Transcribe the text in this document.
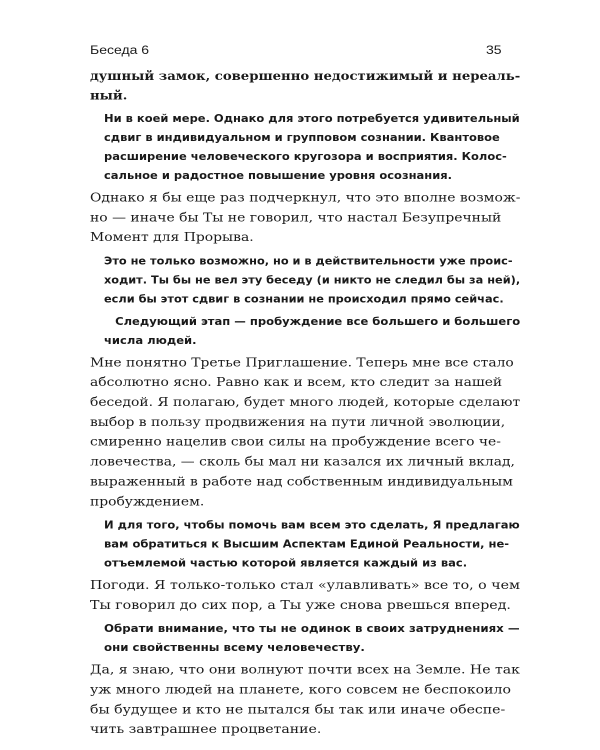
Беседа 6	35
душный замок, совершенно недостижимый и нереаль-
ный.
Ни в коей мере. Однако для этого потребуется удивительный
сдвиг в индивидуальном и групповом сознании. Квантовое
расширение человеческого кругозора и восприятия. Колос-
сальное и радостное повышение уровня осознания.
Однако я бы еще раз подчеркнул, что это вполне возмож-
но — иначе бы Ты не говорил, что настал Безупречный
Момент для Прорыва.
Это не только возможно, но и в действительности уже проис-
ходит. Ты бы не вел эту беседу (и никто не следил бы за ней),
если бы этот сдвиг в сознании не происходил прямо сейчас.
Следующий этап — пробуждение все большего и большего
числа людей.
Мне понятно Третье Приглашение. Теперь мне все стало
абсолютно ясно. Равно как и всем, кто следит за нашей
беседой. Я полагаю, будет много людей, которые сделают
выбор в пользу продвижения на пути личной эволюции,
смиренно нацелив свои силы на пробуждение всего че-
ловечества, — сколь бы мал ни казался их личный вклад,
выраженный в работе над собственным индивидуальным
пробуждением.
И для того, чтобы помочь вам всем это сделать, Я предлагаю
вам обратиться к Высшим Аспектам Единой Реальности, не-
отъемлемой частью которой является каждый из вас.
Погоди. Я только-только стал «улавливать» все то, о чем
Ты говорил до сих пор, а Ты уже снова рвешься вперед.
Обрати внимание, что ты не одинок в своих затруднениях —
они свойственны всему человечеству.
Да, я знаю, что они волнуют почти всех на Земле. Не так
уж много людей на планете, кого совсем не беспокоило
бы будущее и кто не пытался бы так или иначе обеспе-
чить завтрашнее процветание.
